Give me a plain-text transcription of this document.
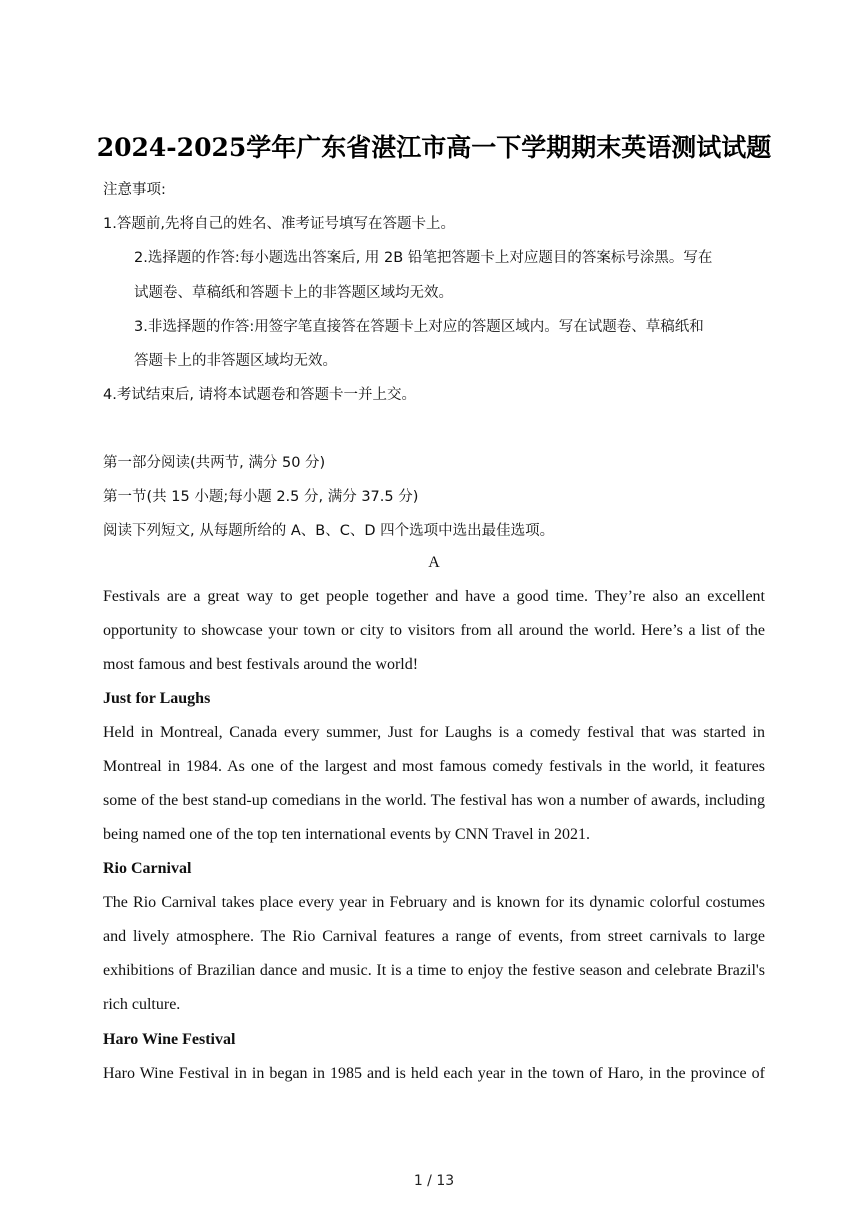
2024-2025学年广东省湛江市高一下学期期末英语测试试题
注意事项:
1.答题前,先将自己的姓名、准考证号填写在答题卡上。
2.选择题的作答:每小题选出答案后, 用 2B 铅笔把答题卡上对应题目的答案标号涂黑。写在
试题卷、草稿纸和答题卡上的非答题区域均无效。
3.非选择题的作答:用签字笔直接答在答题卡上对应的答题区域内。写在试题卷、草稿纸和
答题卡上的非答题区域均无效。
4.考试结束后, 请将本试题卷和答题卡一并上交。
第一部分阅读(共两节, 满分 50 分)
第一节(共 15 小题;每小题 2.5 分, 满分 37.5 分)
阅读下列短文, 从每题所给的 A、B、C、D 四个选项中选出最佳选项。
A
Festivals are a great way to get people together and have a good time. They’re also an excellent
opportunity to showcase your town or city to visitors from all around the world. Here’s a list of the
most famous and best festivals around the world!
Just for Laughs
Held in Montreal, Canada every summer, Just for Laughs is a comedy festival that was started in
Montreal in 1984. As one of the largest and most famous comedy festivals in the world, it features
some of the best stand-up comedians in the world. The festival has won a number of awards, including
being named one of the top ten international events by CNN Travel in 2021.
Rio Carnival
The Rio Carnival takes place every year in February and is known for its dynamic colorful costumes
and lively atmosphere. The Rio Carnival features a range of events, from street carnivals to large
exhibitions of Brazilian dance and music. It is a time to enjoy the festive season and celebrate Brazil's
rich culture.
Haro Wine Festival
Haro Wine Festival in in began in 1985 and is held each year in the town of Haro, in the province of
1 / 13
